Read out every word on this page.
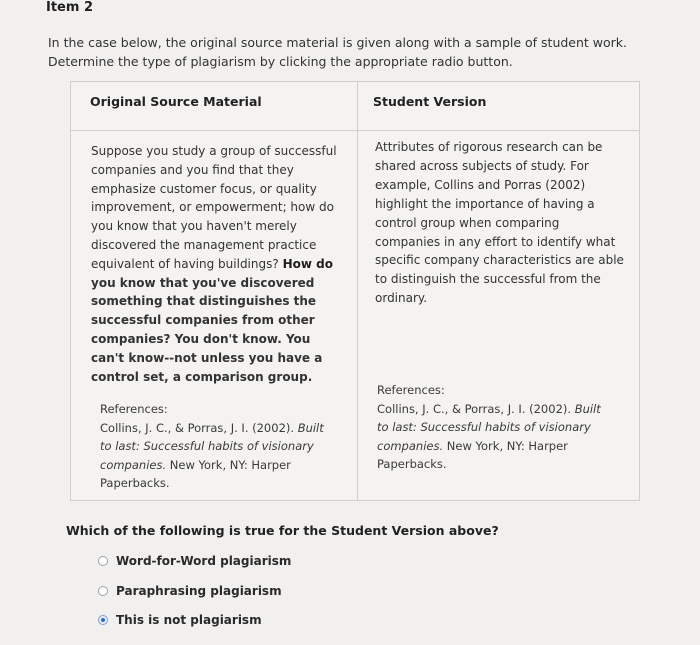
Item 2
In the case below, the original source material is given along with a sample of student work.
Determine the type of plagiarism by clicking the appropriate radio button.
Original Source Material	Student Version
Suppose you study a group of successful
companies and you find that they
emphasize customer focus, or quality
improvement, or empowerment; how do
you know that you haven't merely
discovered the management practice
equivalent of having buildings? How do
you know that you've discovered
something that distinguishes the
successful companies from other
companies? You don't know. You
can't know--not unless you have a
control set, a comparison group.
References:
Collins, J. C., & Porras, J. I. (2002). Built
to last: Successful habits of visionary
companies. New York, NY: Harper
Paperbacks.
Attributes of rigorous research can be
shared across subjects of study. For
example, Collins and Porras (2002)
highlight the importance of having a
control group when comparing
companies in any effort to identify what
specific company characteristics are able
to distinguish the successful from the
ordinary.
References:
Collins, J. C., & Porras, J. I. (2002). Built
to last: Successful habits of visionary
companies. New York, NY: Harper
Paperbacks.
Which of the following is true for the Student Version above?
Word-for-Word plagiarism
Paraphrasing plagiarism
This is not plagiarism
